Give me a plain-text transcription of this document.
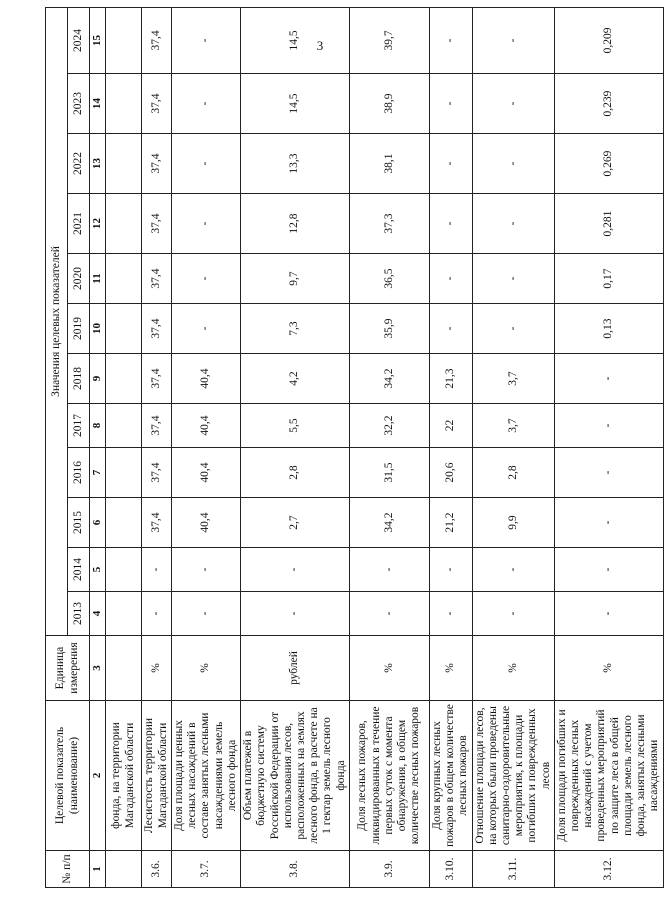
3
№ п/п	Целевой показатель (наименование)	Единица измерения	Значения целевых показателей											
			2013	2014	2015	2016	2017	2018	2019	2020	2021	2022	2023	2024
1	2	3	4	5	6	7	8	9	10	11	12	13	14	15
	фонда, на территории Магаданской области													
3.6.	Лесистость территории Магаданской области	%	-	-	37,4	37,4	37,4	37,4	37,4	37,4	37,4	37,4	37,4	37,4
3.7.	Доля площади ценных лесных насаждений в составе занятых лесными насаждениями земель лесного фонда	%	-	-	40,4	40,4	40,4	40,4	-	-	-	-	-	-
3.8.	Объем платежей в бюджетную систему Российской Федерации от использования лесов, расположенных на землях лесного фонда, в расчете на 1 гектар земель лесного фонда	рублей	-	-	2,7	2,8	5,5	4,2	7,3	9,7	12,8	13,3	14,5	14,5
3.9.	Доля лесных пожаров, ликвидированных в течение первых суток с момента обнаружения, в общем количестве лесных пожаров	%	-	-	34,2	31,5	32,2	34,2	35,9	36,5	37,3	38,1	38,9	39,7
3.10.	Доля крупных лесных пожаров в общем количестве лесных пожаров	%	-	-	21,2	20,6	22	21,3	-	-	-	-	-	-
3.11.	Отношение площади лесов, на которых были проведены санитарно-оздоровительные мероприятия, к площади погибших и поврежденных лесов	%	-	-	9,9	2,8	3,7	3,7	-	-	-	-	-	-
3.12.	Доля площади погибших и поврежденных лесных насаждений с учетом проведенных мероприятий по защите леса в общей площади земель лесного фонда, занятых лесными насаждениями	%	-	-	-	-	-	-	0,13	0,17	0,281	0,269	0,239	0,209
